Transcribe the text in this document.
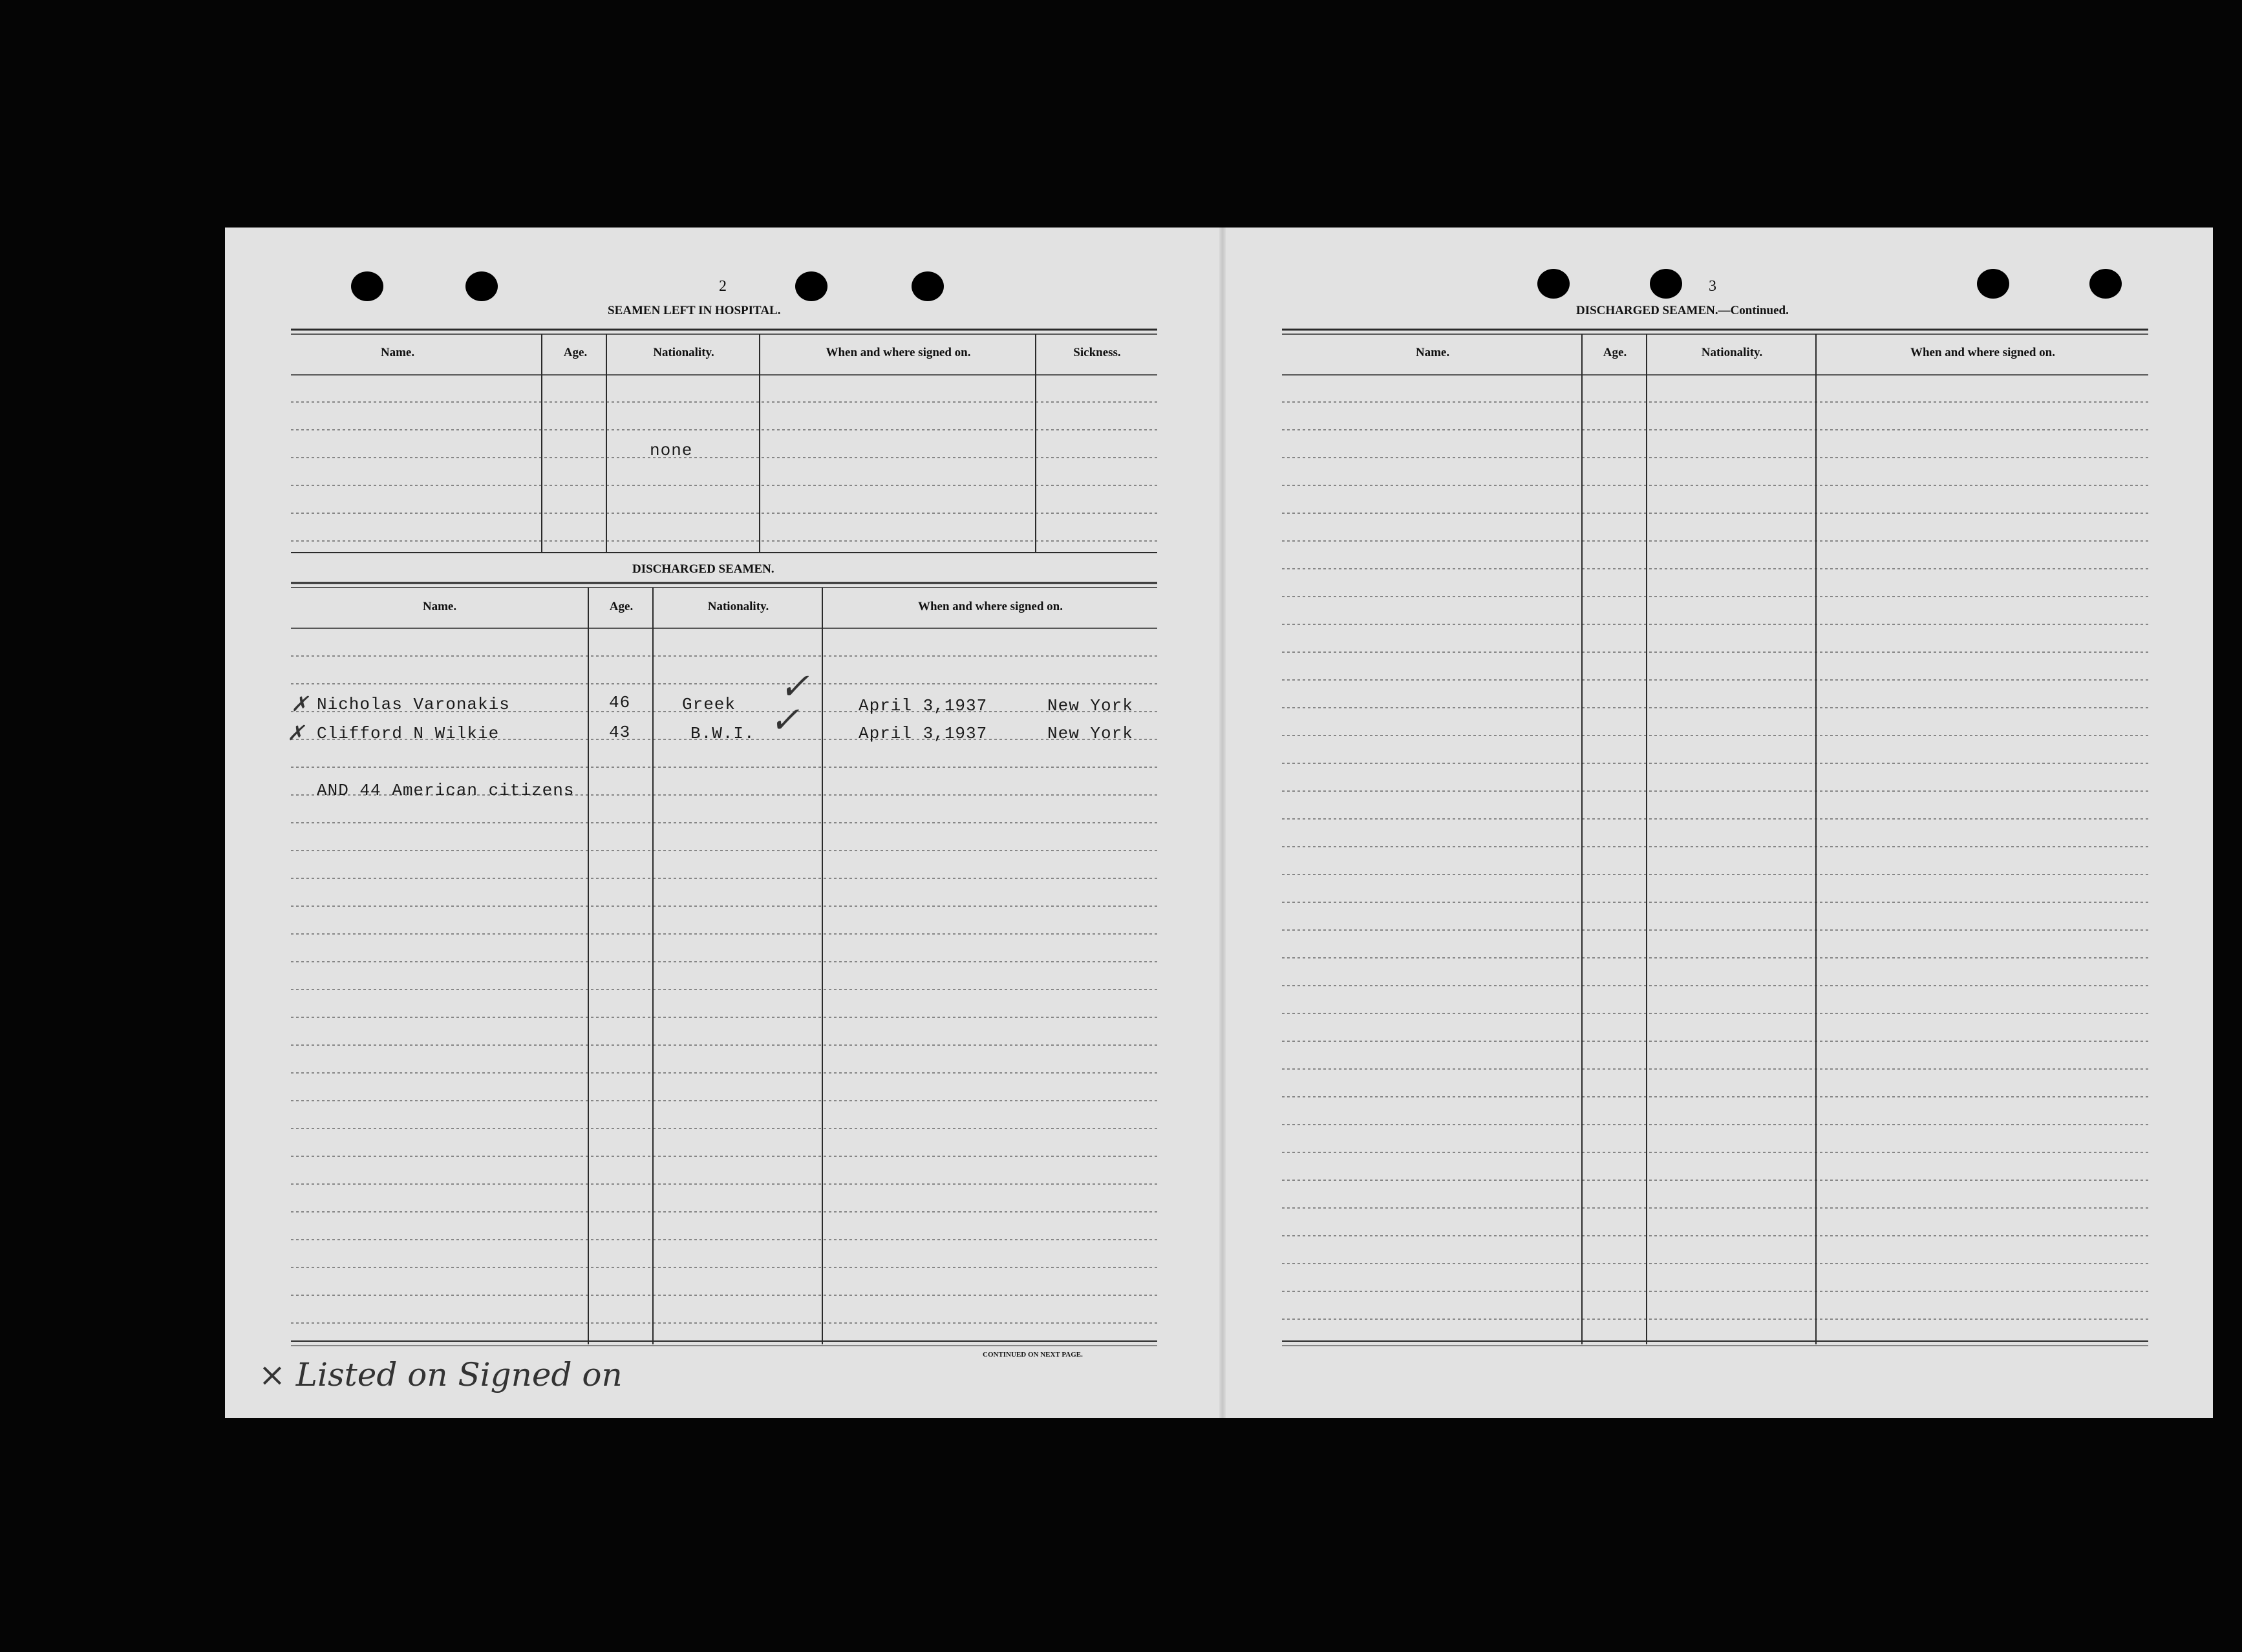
2
SEAMEN LEFT IN HOSPITAL.
Name.	Age.	Nationality.	When and where signed on.	Sickness.
none
DISCHARGED SEAMEN.
Name.	Age.	Nationality.	When and where signed on.
✗ Nicholas Varonakis	46	Greek ✓	April 3,1937	New York
✗ Clifford N Wilkie	43	B.W.I. ✓	April 3,1937	New York
AND 44 American citizens
CONTINUED ON NEXT PAGE.
× Listed on Signed on
3
DISCHARGED SEAMEN.—Continued.
Name.	Age.	Nationality.	When and where signed on.
